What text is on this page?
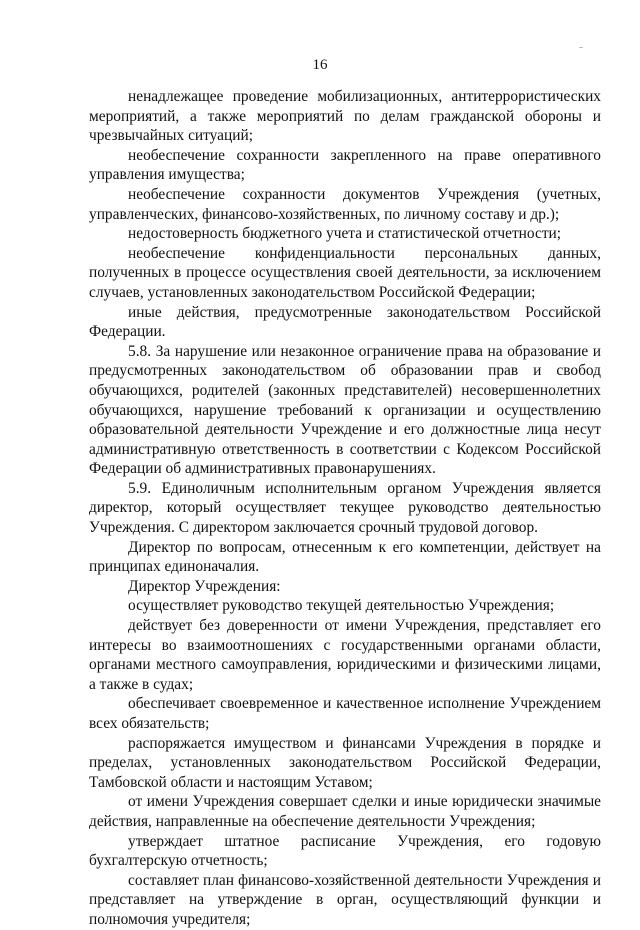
16

ненадлежащее проведение мобилизационных, антитеррористических мероприятий, а также мероприятий по делам гражданской обороны и чрезвычайных ситуаций;

необеспечение сохранности закрепленного на праве оперативного управления имущества;

необеспечение сохранности документов Учреждения (учетных, управленческих, финансово-хозяйственных, по личному составу и др.);

недостоверность бюджетного учета и статистической отчетности;

необеспечение конфиденциальности персональных данных, полученных в процессе осуществления своей деятельности, за исключением случаев, установленных законодательством Российской Федерации;

иные действия, предусмотренные законодательством Российской Федерации.

5.8. За нарушение или незаконное ограничение права на образование и предусмотренных законодательством об образовании прав и свобод обучающихся, родителей (законных представителей) несовершеннолетних обучающихся, нарушение требований к организации и осуществлению образовательной деятельности Учреждение и его должностные лица несут административную ответственность в соответствии с Кодексом Российской Федерации об административных правонарушениях.

5.9. Единоличным исполнительным органом Учреждения является директор, который осуществляет текущее руководство деятельностью Учреждения. С директором заключается срочный трудовой договор.

Директор по вопросам, отнесенным к его компетенции, действует на принципах единоначалия.

Директор Учреждения:

осуществляет руководство текущей деятельностью Учреждения;

действует без доверенности от имени Учреждения, представляет его интересы во взаимоотношениях с государственными органами области, органами местного самоуправления, юридическими и физическими лицами, а также в судах;

обеспечивает своевременное и качественное исполнение Учреждением всех обязательств;

распоряжается имуществом и финансами Учреждения в порядке и пределах, установленных законодательством Российской Федерации, Тамбовской области и настоящим Уставом;

от имени Учреждения совершает сделки и иные юридически значимые действия, направленные на обеспечение деятельности Учреждения;

утверждает штатное расписание Учреждения, его годовую бухгалтерскую отчетность;

составляет план финансово-хозяйственной деятельности Учреждения и представляет на утверждение в орган, осуществляющий функции и полномочия учредителя;
